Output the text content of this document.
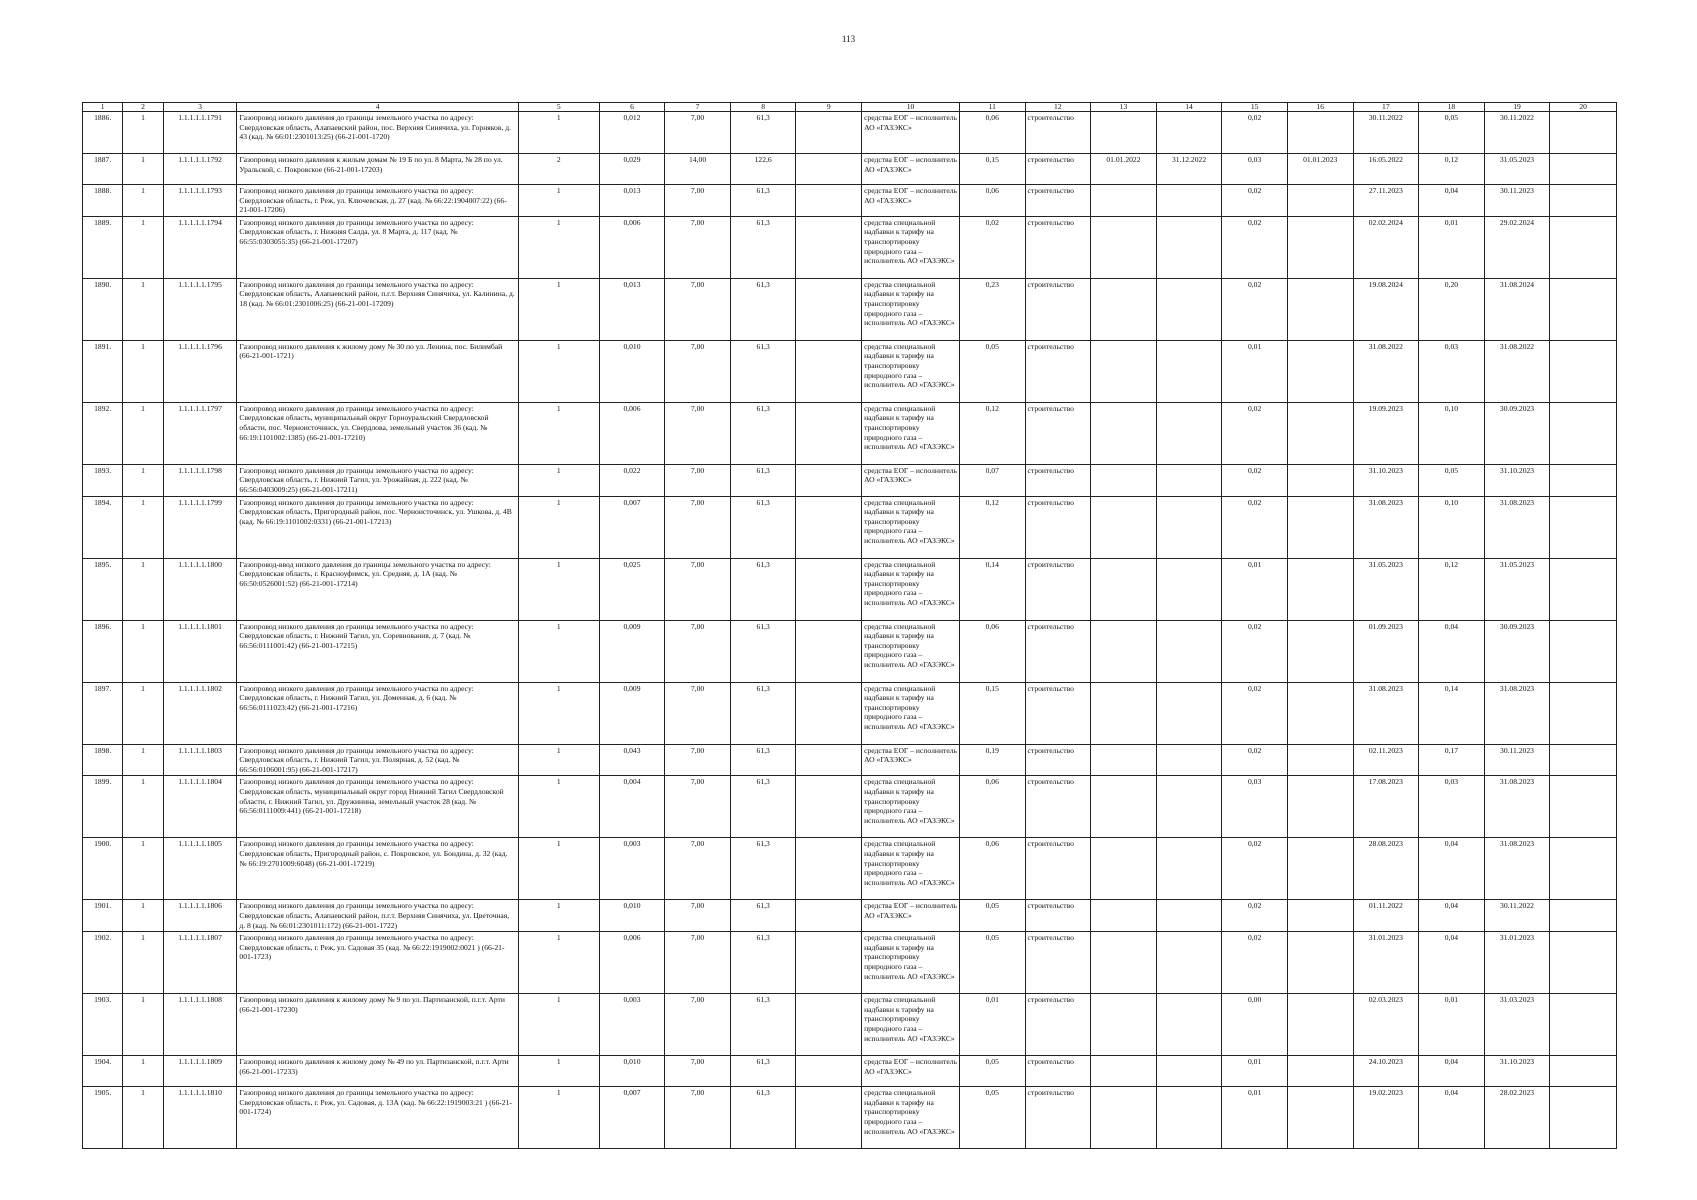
113
1	2	3	4	5	6	7	8	9	10	11	12	13	14	15	16	17	18	19	20
1886.	1	1.1.1.1.1.1791	Газопровод низкого давления до границы земельного участка по адресу: Свердловская область, Алапаевский район, пос. Верхняя Синячиха, ул. Горняков, д. 43 (кад. № 66:01:2301013:25) (66-21-001-1720)	1	0,012	7,00	61,3		средства ЕОГ – исполнитель АО «ГАЗЭКС»	0,06	строительство			0,02		30.11.2022	0,05	30.11.2022	
1887.	1	1.1.1.1.1.1792	Газопровод низкого давления к жилым домам № 19 Б по ул. 8 Марта, № 28 по ул. Уральской, с. Покровское (66-21-001-17203)	2	0,029	14,00	122,6		средства ЕОГ – исполнитель АО «ГАЗЭКС»	0,15	строительство	01.01.2022	31.12.2022	0,03	01.01.2023	16.05.2022	0,12	31.05.2023	
1888.	1	1.1.1.1.1.1793	Газопровод низкого давления до границы земельного участка по адресу: Свердловская область, г. Реж, ул. Ключевская, д. 27 (кад. № 66:22:1904007:22) (66-21-001-17206)	1	0,013	7,00	61,3		средства ЕОГ – исполнитель АО «ГАЗЭКС»	0,06	строительство			0,02		27.11.2023	0,04	30.11.2023	
1889.	1	1.1.1.1.1.1794	Газопровод низкого давления до границы земельного участка по адресу: Свердловская область, г. Нижняя Салда, ул. 8 Марта, д. 117 (кад. № 66:55:0303055:35) (66-21-001-17207)	1	0,006	7,00	61,3		средства специальной надбавки к тарифу на транспортировку природного газа – исполнитель АО «ГАЗЭКС»	0,02	строительство			0,02		02.02.2024	0,01	29.02.2024	
1890.	1	1.1.1.1.1.1795	Газопровод низкого давления до границы земельного участка по адресу: Свердловская область, Алапаевский район, п.г.т. Верхняя Синячиха, ул. Калинина, д. 18 (кад. № 66:01:2301006:25) (66-21-001-17209)	1	0,013	7,00	61,3		средства специальной надбавки к тарифу на транспортировку природного газа – исполнитель АО «ГАЗЭКС»	0,23	строительство			0,02		19.08.2024	0,20	31.08.2024	
1891.	1	1.1.1.1.1.1796	Газопровод низкого давления к жилому дому № 30 по ул. Ленина, пос. Билимбай (66-21-001-1721)	1	0,010	7,00	61,3		средства специальной надбавки к тарифу на транспортировку природного газа – исполнитель АО «ГАЗЭКС»	0,05	строительство			0,01		31.08.2022	0,03	31.08.2022	
1892.	1	1.1.1.1.1.1797	Газопровод низкого давления до границы земельного участка по адресу: Свердловская область, муниципальный округ Горноуральский Свердловской области, пос. Черноисточинск, ул. Свердлова, земельный участок 36 (кад. № 66:19:1101002:1385) (66-21-001-17210)	1	0,006	7,00	61,3		средства специальной надбавки к тарифу на транспортировку природного газа – исполнитель АО «ГАЗЭКС»	0,12	строительство			0,02		19.09.2023	0,10	30.09.2023	
1893.	1	1.1.1.1.1.1798	Газопровод низкого давления до границы земельного участка по адресу: Свердловская область, г. Нижний Тагил, ул. Урожайная, д. 222 (кад. № 66:56:0403009:25) (66-21-001-17211)	1	0,022	7,00	61,3		средства ЕОГ – исполнитель АО «ГАЗЭКС»	0,07	строительство			0,02		31.10.2023	0,05	31.10.2023	
1894.	1	1.1.1.1.1.1799	Газопровод низкого давления до границы земельного участка по адресу: Свердловская область, Пригородный район, пос. Черноисточинск, ул. Ушкова, д. 4В (кад. № 66:19:1101002:0331) (66-21-001-17213)	1	0,007	7,00	61,3		средства специальной надбавки к тарифу на транспортировку природного газа – исполнитель АО «ГАЗЭКС»	0,12	строительство			0,02		31.08.2023	0,10	31.08.2023	
1895.	1	1.1.1.1.1.1800	Газопровод-ввод низкого давления до границы земельного участка по адресу: Свердловская область, г. Красноуфимск, ул. Средняя, д. 1А (кад. № 66:50:0526001:52) (66-21-001-17214)	1	0,025	7,00	61,3		средства специальной надбавки к тарифу на транспортировку природного газа – исполнитель АО «ГАЗЭКС»	0,14	строительство			0,01		31.05.2023	0,12	31.05.2023	
1896.	1	1.1.1.1.1.1801	Газопровод низкого давления до границы земельного участка по адресу: Свердловская область, г. Нижний Тагил, ул. Соревнования, д. 7 (кад. № 66:56:0111001:42) (66-21-001-17215)	1	0,009	7,00	61,3		средства специальной надбавки к тарифу на транспортировку природного газа – исполнитель АО «ГАЗЭКС»	0,06	строительство			0,02		01.09.2023	0,04	30.09.2023	
1897.	1	1.1.1.1.1.1802	Газопровод низкого давления до границы земельного участка по адресу: Свердловская область, г. Нижний Тагил, ул. Доменная, д. 6 (кад. № 66:56:0111023:42) (66-21-001-17216)	1	0,009	7,00	61,3		средства специальной надбавки к тарифу на транспортировку природного газа – исполнитель АО «ГАЗЭКС»	0,15	строительство			0,02		31.08.2023	0,14	31.08.2023	
1898.	1	1.1.1.1.1.1803	Газопровод низкого давления до границы земельного участка по адресу: Свердловская область, г. Нижний Тагил, ул. Полярная, д. 52 (кад. № 66:56:0106001:95) (66-21-001-17217)	1	0,043	7,00	61,3		средства ЕОГ – исполнитель АО «ГАЗЭКС»	0,19	строительство			0,02		02.11.2023	0,17	30.11.2023	
1899.	1	1.1.1.1.1.1804	Газопровод низкого давления до границы земельного участка по адресу: Свердловская область, муниципальный округ город Нижний Тагил Свердловской области, г. Нижний Тагил, ул. Дружинина, земельный участок 28 (кад. № 66:56:0111009:441) (66-21-001-17218)	1	0,004	7,00	61,3		средства специальной надбавки к тарифу на транспортировку природного газа – исполнитель АО «ГАЗЭКС»	0,06	строительство			0,03		17.08.2023	0,03	31.08.2023	
1900.	1	1.1.1.1.1.1805	Газопровод низкого давления до границы земельного участка по адресу: Свердловская область, Пригородный район, с. Покровское, ул. Бондина, д. 32 (кад. № 66:19:2701009:6048) (66-21-001-17219)	1	0,003	7,00	61,3		средства специальной надбавки к тарифу на транспортировку природного газа – исполнитель АО «ГАЗЭКС»	0,06	строительство			0,02		28.08.2023	0,04	31.08.2023	
1901.	1	1.1.1.1.1.1806	Газопровод низкого давления до границы земельного участка по адресу: Свердловская область, Алапаевский район, п.г.т. Верхняя Синячиха, ул. Цветочная, д. 8 (кад. № 66:01:2301011:172) (66-21-001-1722)	1	0,010	7,00	61,3		средства ЕОГ – исполнитель АО «ГАЗЭКС»	0,05	строительство			0,02		01.11.2022	0,04	30.11.2022	
1902.	1	1.1.1.1.1.1807	Газопровод низкого давления до границы земельного участка по адресу: Свердловская область, г. Реж, ул. Садовая 35 (кад. № 66:22:1919002:0021 ) (66-21-001-1723)	1	0,006	7,00	61,3		средства специальной надбавки к тарифу на транспортировку природного газа – исполнитель АО «ГАЗЭКС»	0,05	строительство			0,02		31.01.2023	0,04	31.01.2023	
1903.	1	1.1.1.1.1.1808	Газопровод низкого давления к жилому дому № 9 по ул. Партизанской, п.г.т. Арти (66-21-001-17230)	1	0,003	7,00	61,3		средства специальной надбавки к тарифу на транспортировку природного газа – исполнитель АО «ГАЗЭКС»	0,01	строительство			0,00		02.03.2023	0,01	31.03.2023	
1904.	1	1.1.1.1.1.1809	Газопровод низкого давления к жилому дому № 49 по ул. Партизанской, п.г.т. Арти (66-21-001-17233)	1	0,010	7,00	61,3		средства ЕОГ – исполнитель АО «ГАЗЭКС»	0,05	строительство			0,01		24.10.2023	0,04	31.10.2023	
1905.	1	1.1.1.1.1.1810	Газопровод низкого давления до границы земельного участка по адресу: Свердловская область, г. Реж, ул. Садовая, д. 13А (кад. № 66:22:1919003:21 ) (66-21-001-1724)	1	0,007	7,00	61,3		средства специальной надбавки к тарифу на транспортировку природного газа – исполнитель АО «ГАЗЭКС»	0,05	строительство			0,01		19.02.2023	0,04	28.02.2023	
